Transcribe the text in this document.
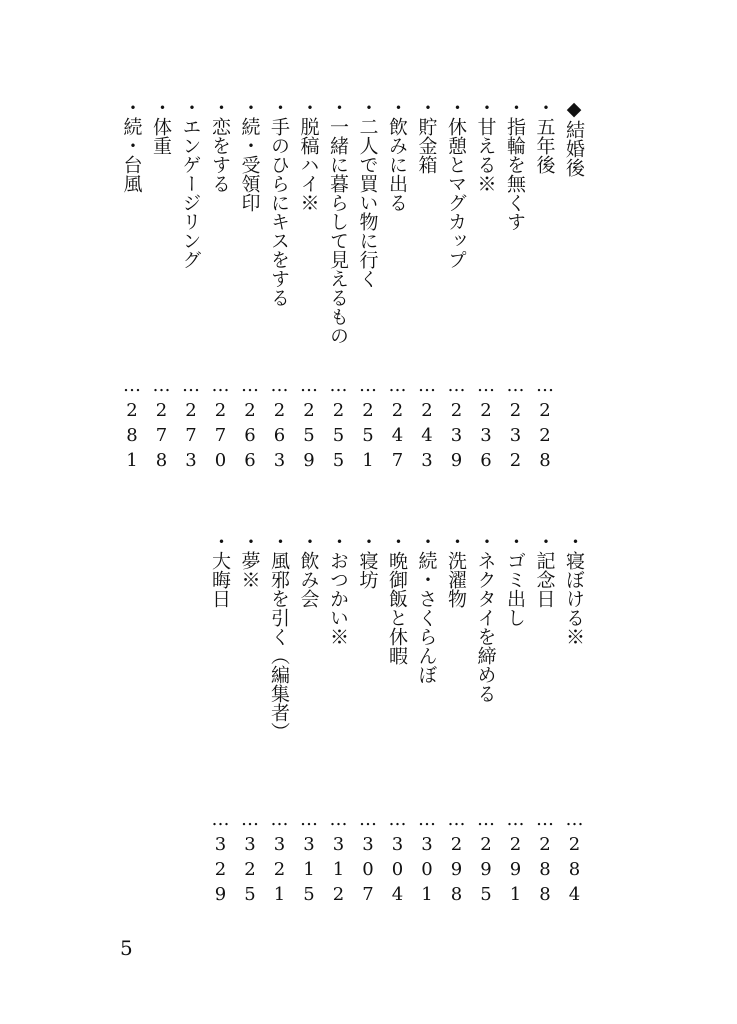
◆結婚後
・五年後
…228
・指輪を無くす
…232
・甘える※
…236
・休憩とマグカップ
…239
・貯金箱
…243
・飲みに出る
…247
・二人で買い物に行く
…251
・一緒に暮らして見えるもの
…255
・脱稿ハイ※
…259
・手のひらにキスをする
…263
・続・受領印
…266
・恋をする
…270
・エンゲージリング
…273
・体重
…278
・続・台風
…281
・寝ぼける※
…284
・記念日
…288
・ゴミ出し
…291
・ネクタイを締める
…295
・洗濯物
…298
・続・さくらんぼ
…301
・晩御飯と休暇
…304
・寝坊
…307
・おつかい※
…312
・飲み会
…315
・風邪を引く（編集者）
…321
・夢※
…325
・大晦日
…329
5
